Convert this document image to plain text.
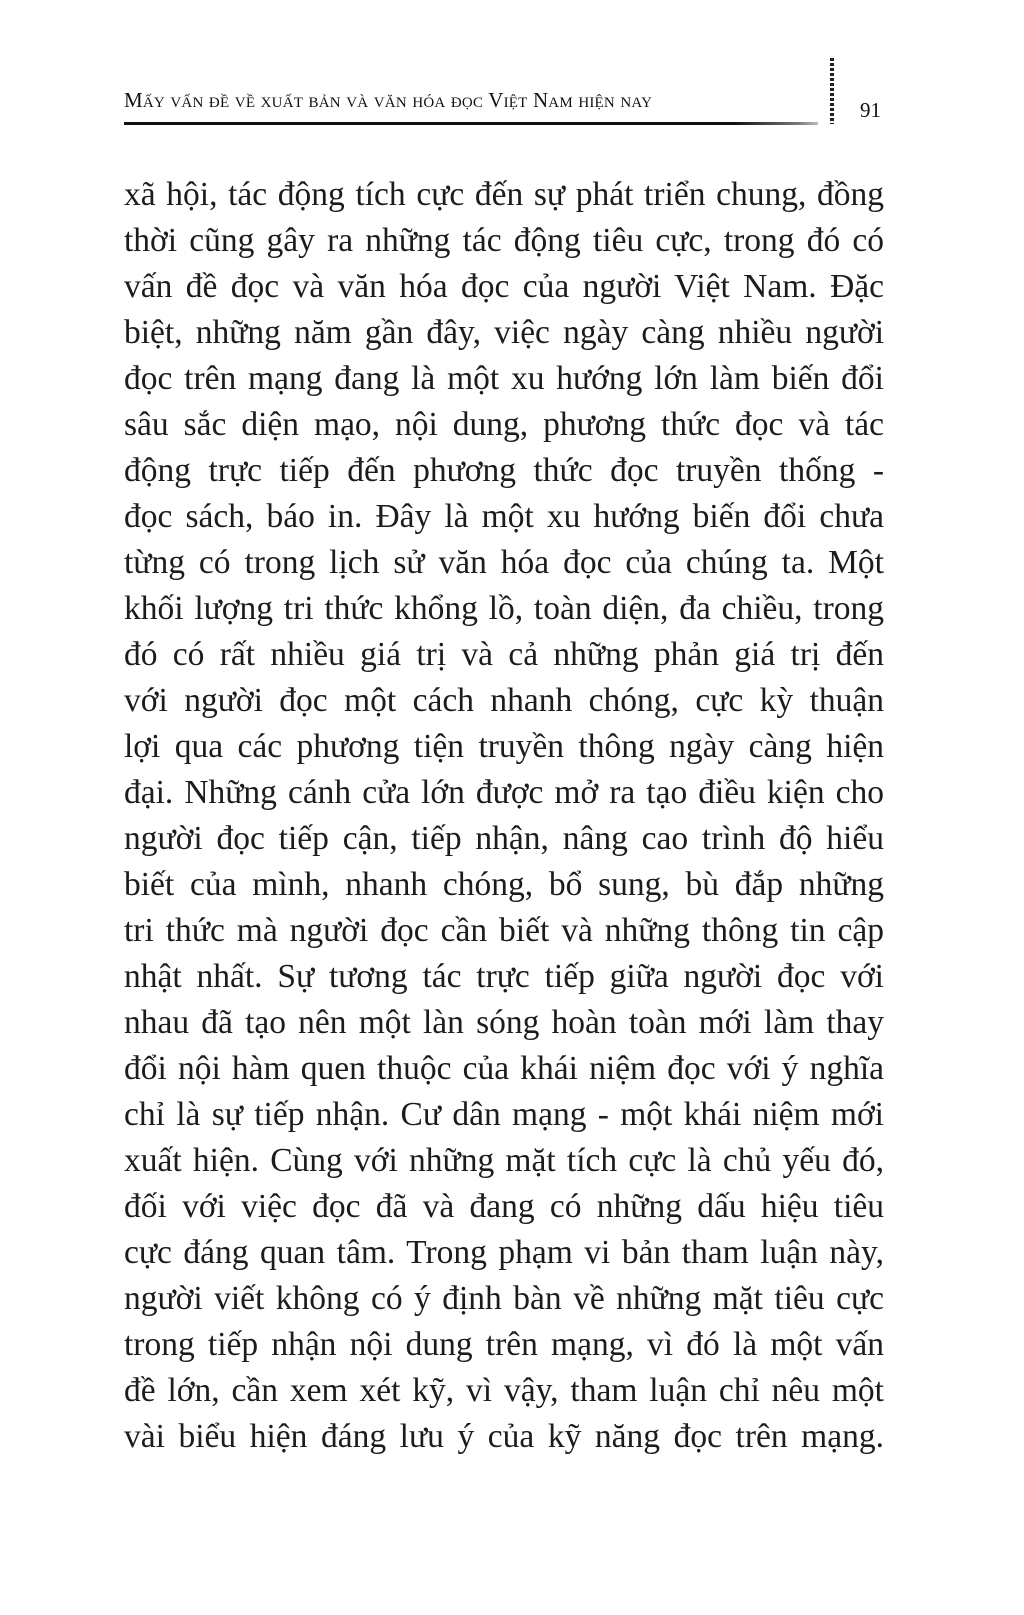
Mấy vấn đề về xuất bản và văn hóa đọc Việt Nam hiện nay	91
xã hội, tác động tích cực đến sự phát triển chung, đồng
thời cũng gây ra những tác động tiêu cực, trong đó có
vấn đề đọc và văn hóa đọc của người Việt Nam. Đặc
biệt, những năm gần đây, việc ngày càng nhiều người
đọc trên mạng đang là một xu hướng lớn làm biến đổi
sâu sắc diện mạo, nội dung, phương thức đọc và tác
động trực tiếp đến phương thức đọc truyền thống -
đọc sách, báo in. Đây là một xu hướng biến đổi chưa
từng có trong lịch sử văn hóa đọc của chúng ta. Một
khối lượng tri thức khổng lồ, toàn diện, đa chiều, trong
đó có rất nhiều giá trị và cả những phản giá trị đến
với người đọc một cách nhanh chóng, cực kỳ thuận
lợi qua các phương tiện truyền thông ngày càng hiện
đại. Những cánh cửa lớn được mở ra tạo điều kiện cho
người đọc tiếp cận, tiếp nhận, nâng cao trình độ hiểu
biết của mình, nhanh chóng, bổ sung, bù đắp những
tri thức mà người đọc cần biết và những thông tin cập
nhật nhất. Sự tương tác trực tiếp giữa người đọc với
nhau đã tạo nên một làn sóng hoàn toàn mới làm thay
đổi nội hàm quen thuộc của khái niệm đọc với ý nghĩa
chỉ là sự tiếp nhận. Cư dân mạng - một khái niệm mới
xuất hiện. Cùng với những mặt tích cực là chủ yếu đó,
đối với việc đọc đã và đang có những dấu hiệu tiêu
cực đáng quan tâm. Trong phạm vi bản tham luận này,
người viết không có ý định bàn về những mặt tiêu cực
trong tiếp nhận nội dung trên mạng, vì đó là một vấn
đề lớn, cần xem xét kỹ, vì vậy, tham luận chỉ nêu một
vài biểu hiện đáng lưu ý của kỹ năng đọc trên mạng.
